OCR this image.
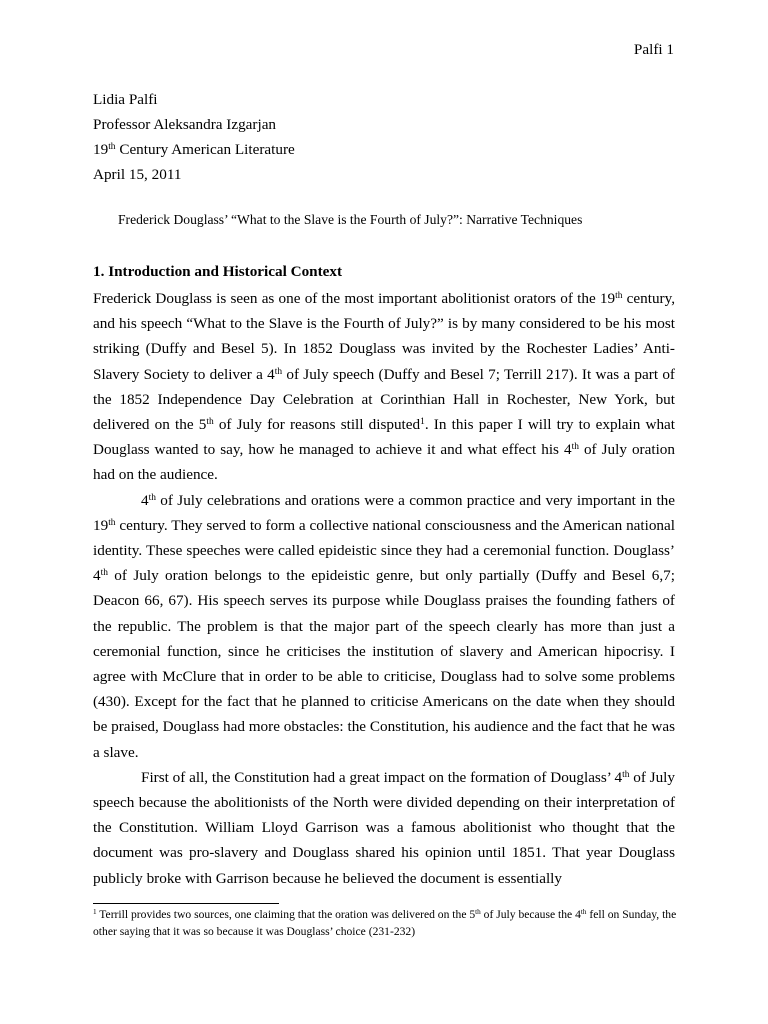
Palfi 1
Lidia Palfi
Professor Aleksandra Izgarjan
19th Century American Literature
April 15, 2011
Frederick Douglass’ “What to the Slave is the Fourth of July?”: Narrative Techniques
1. Introduction and Historical Context

Frederick Douglass is seen as one of the most important abolitionist orators of the 19th century, and his speech “What to the Slave is the Fourth of July?” is by many considered to be his most striking (Duffy and Besel 5). In 1852 Douglass was invited by the Rochester Ladies’ Anti-Slavery Society to deliver a 4th of July speech (Duffy and Besel 7; Terrill 217). It was a part of the 1852 Independence Day Celebration at Corinthian Hall in Rochester, New York, but delivered on the 5th of July for reasons still disputed$^1$. In this paper I will try to explain what Douglass wanted to say, how he managed to achieve it and what effect his 4th of July oration had on the audience.

4th of July celebrations and orations were a common practice and very important in the 19th century. They served to form a collective national consciousness and the American national identity. These speeches were called epideistic since they had a ceremonial function. Douglass’ 4th of July oration belongs to the epideistic genre, but only partially (Duffy and Besel 6,7; Deacon 66, 67). His speech serves its purpose while Douglass praises the founding fathers of the republic. The problem is that the major part of the speech clearly has more than just a ceremonial function, since he criticises the institution of slavery and American hipocrisy. I agree with McClure that in order to be able to criticise, Douglass had to solve some problems (430). Except for the fact that he planned to criticise Americans on the date when they should be praised, Douglass had more obstacles: the Constitution, his audience and the fact that he was a slave.

First of all, the Constitution had a great impact on the formation of Douglass’ 4th of July speech because the abolitionists of the North were divided depending on their interpretation of the Constitution. William Lloyd Garrison was a famous abolitionist who thought that the document was pro-slavery and Douglass shared his opinion until 1851. That year Douglass publicly broke with Garrison because he believed the document is essentially

$^1$ Terrill provides two sources, one claiming that the oration was delivered on the 5th of July because the 4th fell on Sunday, the other saying that it was so because it was Douglass’ choice (231-232)
